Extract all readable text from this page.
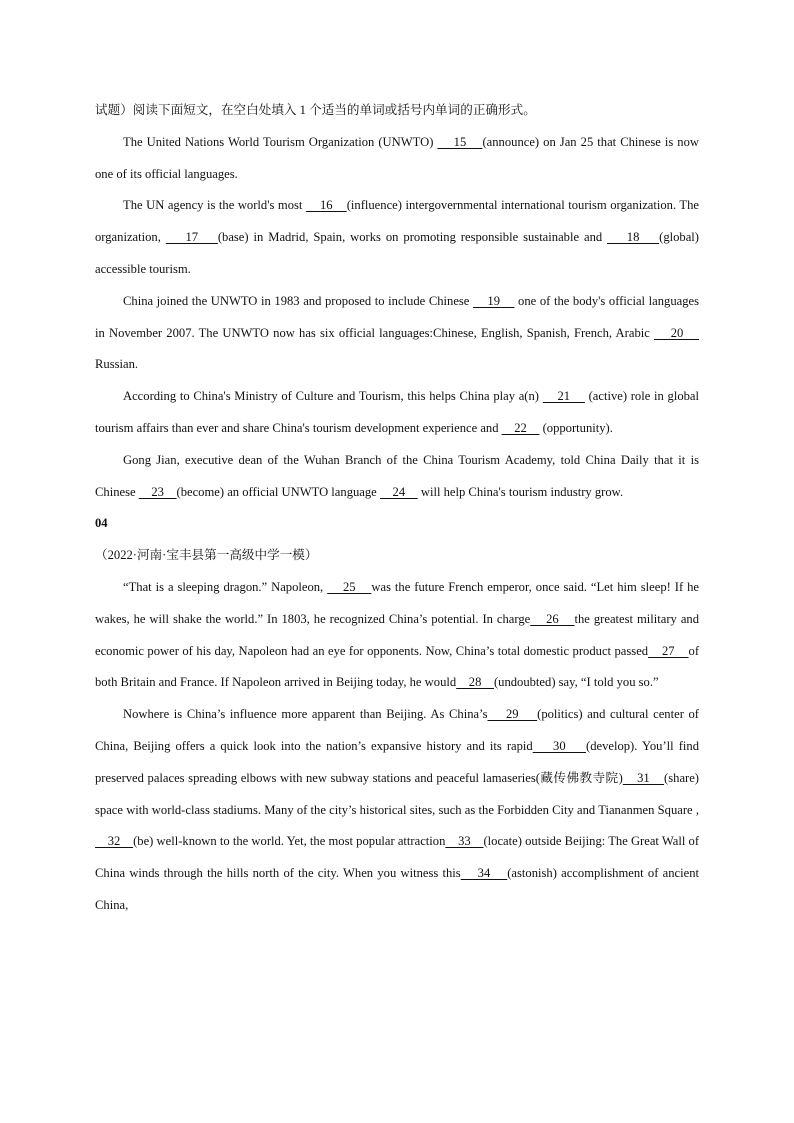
试题）阅读下面短文，在空白处填入 1 个适当的单词或括号内单词的正确形式。

The United Nations World Tourism Organization (UNWTO)     15    (announce) on Jan 25 that Chinese is now one of its official languages.

The UN agency is the world's most     16    (influence) intergovernmental international tourism organization. The organization,     17    (base) in Madrid, Spain, works on promoting responsible sustainable and     18    (global) accessible tourism.

China joined the UNWTO in 1983 and proposed to include Chinese     19     one of the body's official languages in November 2007. The UNWTO now has six official languages:Chinese, English, Spanish, French, Arabic     20     Russian.

According to China's Ministry of Culture and Tourism, this helps China play a(n)     21     (active) role in global tourism affairs than ever and share China's tourism development experience and     22     (opportunity).

Gong Jian, executive dean of the Wuhan Branch of the China Tourism Academy, told China Daily that it is Chinese     23    (become) an official UNWTO language     24     will help China's tourism industry grow.

04

（2022·河南·宝丰县第一高级中学一模）

“That is a sleeping dragon.” Napoleon,     25    was the future French emperor, once said. “Let him sleep! If he wakes, he will shake the world.” In 1803, he recognized China’s potential. In charge    26    the greatest military and economic power of his day, Napoleon had an eye for opponents. Now, China’s total domestic product passed    27    of both Britain and France. If Napoleon arrived in Beijing today, he would    28    (undoubted) say, “I told you so.”

Nowhere is China’s influence more apparent than Beijing. As China’s    29    (politics) and cultural center of China, Beijing offers a quick look into the nation’s expansive history and its rapid    30    (develop). You’ll find preserved palaces spreading elbows with new subway stations and peaceful lamaseries(藏传佛教寺院)    31    (share) space with world-class stadiums. Many of the city’s historical sites, such as the Forbidden City and Tiananmen Square ,     32    (be) well-known to the world. Yet, the most popular attraction    33    (locate) outside Beijing: The Great Wall of China winds through the hills north of the city. When you witness this    34    (astonish) accomplishment of ancient China,
